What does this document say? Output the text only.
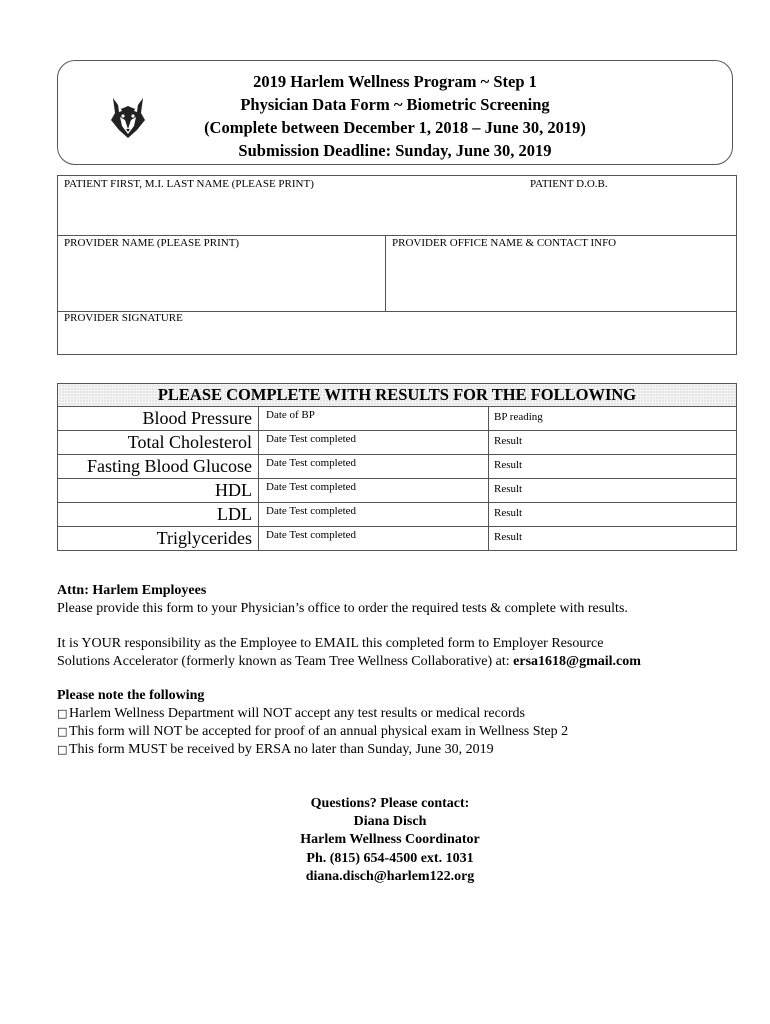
2019 Harlem Wellness Program ~ Step 1
Physician Data Form ~ Biometric Screening
(Complete between December 1, 2018 – June 30, 2019)
Submission Deadline: Sunday, June 30, 2019
PATIENT FIRST, M.I. LAST NAME (PLEASE PRINT)	PATIENT D.O.B.
PROVIDER NAME (PLEASE PRINT)	PROVIDER OFFICE NAME & CONTACT INFO
PROVIDER SIGNATURE
PLEASE COMPLETE WITH RESULTS FOR THE FOLLOWING		
Blood Pressure	Date of BP	BP reading
Total Cholesterol	Date Test completed	Result
Fasting Blood Glucose	Date Test completed	Result
HDL	Date Test completed	Result
LDL	Date Test completed	Result
Triglycerides	Date Test completed	Result

Attn: Harlem Employees

Please provide this form to your Physician’s office to order the required tests & complete with results.

It is YOUR responsibility as the Employee to EMAIL this completed form to Employer Resource

Solutions Accelerator (formerly known as Team Tree Wellness Collaborative) at: ersa1618@gmail.com

Please note the following

□ Harlem Wellness Department will NOT accept any test results or medical records

□ This form will NOT be accepted for proof of an annual physical exam in Wellness Step 2

□ This form MUST be received by ERSA no later than Sunday, June 30, 2019

Questions? Please contact:
Diana Disch
Harlem Wellness Coordinator
Ph. (815) 654-4500 ext. 1031
diana.disch@harlem122.org
